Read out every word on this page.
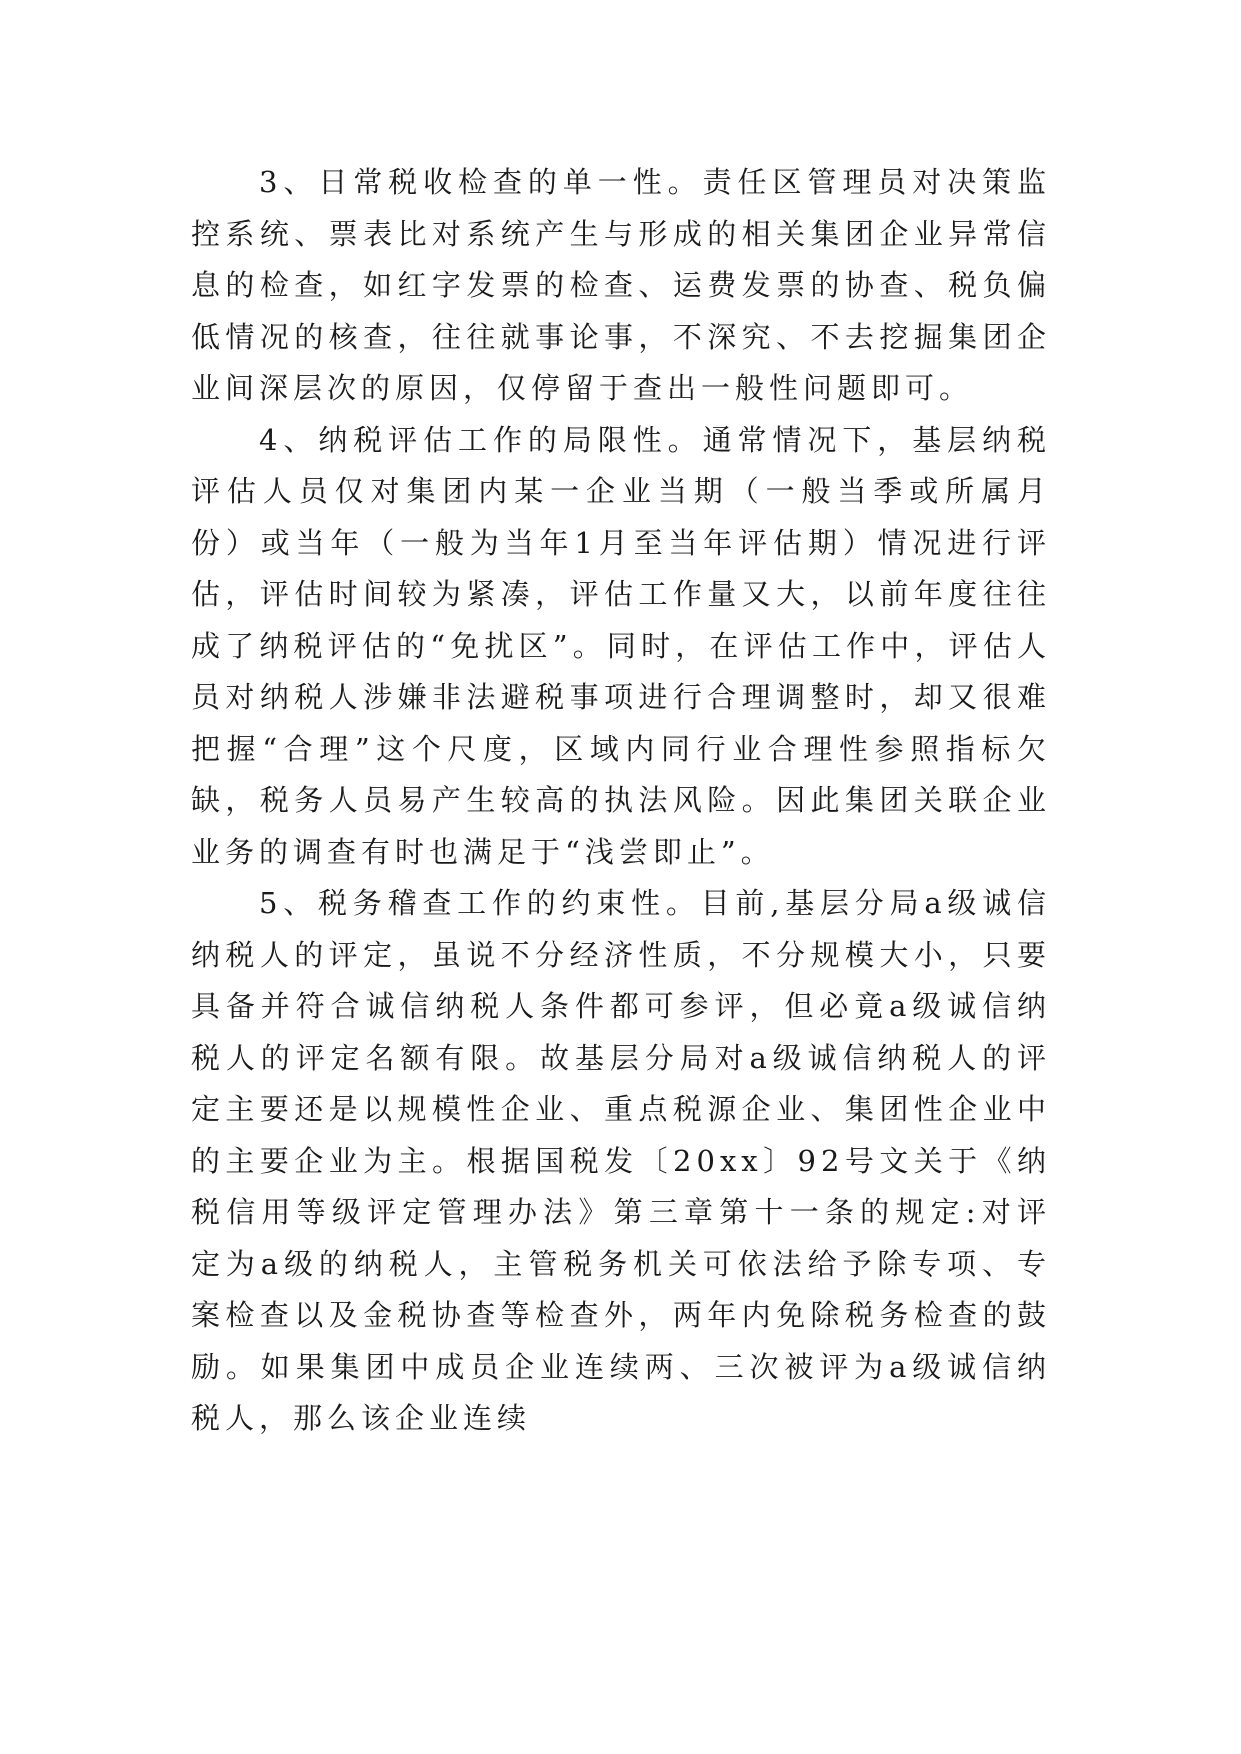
3、日常税收检查的单一性。责任区管理员对决策监控系统、票表比对系统产生与形成的相关集团企业异常信息的检查，如红字发票的检查、运费发票的协查、税负偏低情况的核查，往往就事论事，不深究、不去挖掘集团企业间深层次的原因，仅停留于查出一般性问题即可。

4、纳税评估工作的局限性。通常情况下，基层纳税评估人员仅对集团内某一企业当期（一般当季或所属月份）或当年（一般为当年1月至当年评估期）情况进行评估，评估时间较为紧凑，评估工作量又大，以前年度往往成了纳税评估的“免扰区”。同时，在评估工作中，评估人员对纳税人涉嫌非法避税事项进行合理调整时，却又很难把握“合理”这个尺度，区域内同行业合理性参照指标欠缺，税务人员易产生较高的执法风险。因此集团关联企业业务的调查有时也满足于“浅尝即止”。

5、税务稽查工作的约束性。目前,基层分局a级诚信纳税人的评定，虽说不分经济性质，不分规模大小，只要具备并符合诚信纳税人条件都可参评，但必竟a级诚信纳税人的评定名额有限。故基层分局对a级诚信纳税人的评定主要还是以规模性企业、重点税源企业、集团性企业中的主要企业为主。根据国税发〔20xx〕92号文关于《纳税信用等级评定管理办法》第三章第十一条的规定:对评定为a级的纳税人，主管税务机关可依法给予除专项、专案检查以及金税协查等检查外，两年内免除税务检查的鼓励。如果集团中成员企业连续两、三次被评为a级诚信纳税人，那么该企业连续
